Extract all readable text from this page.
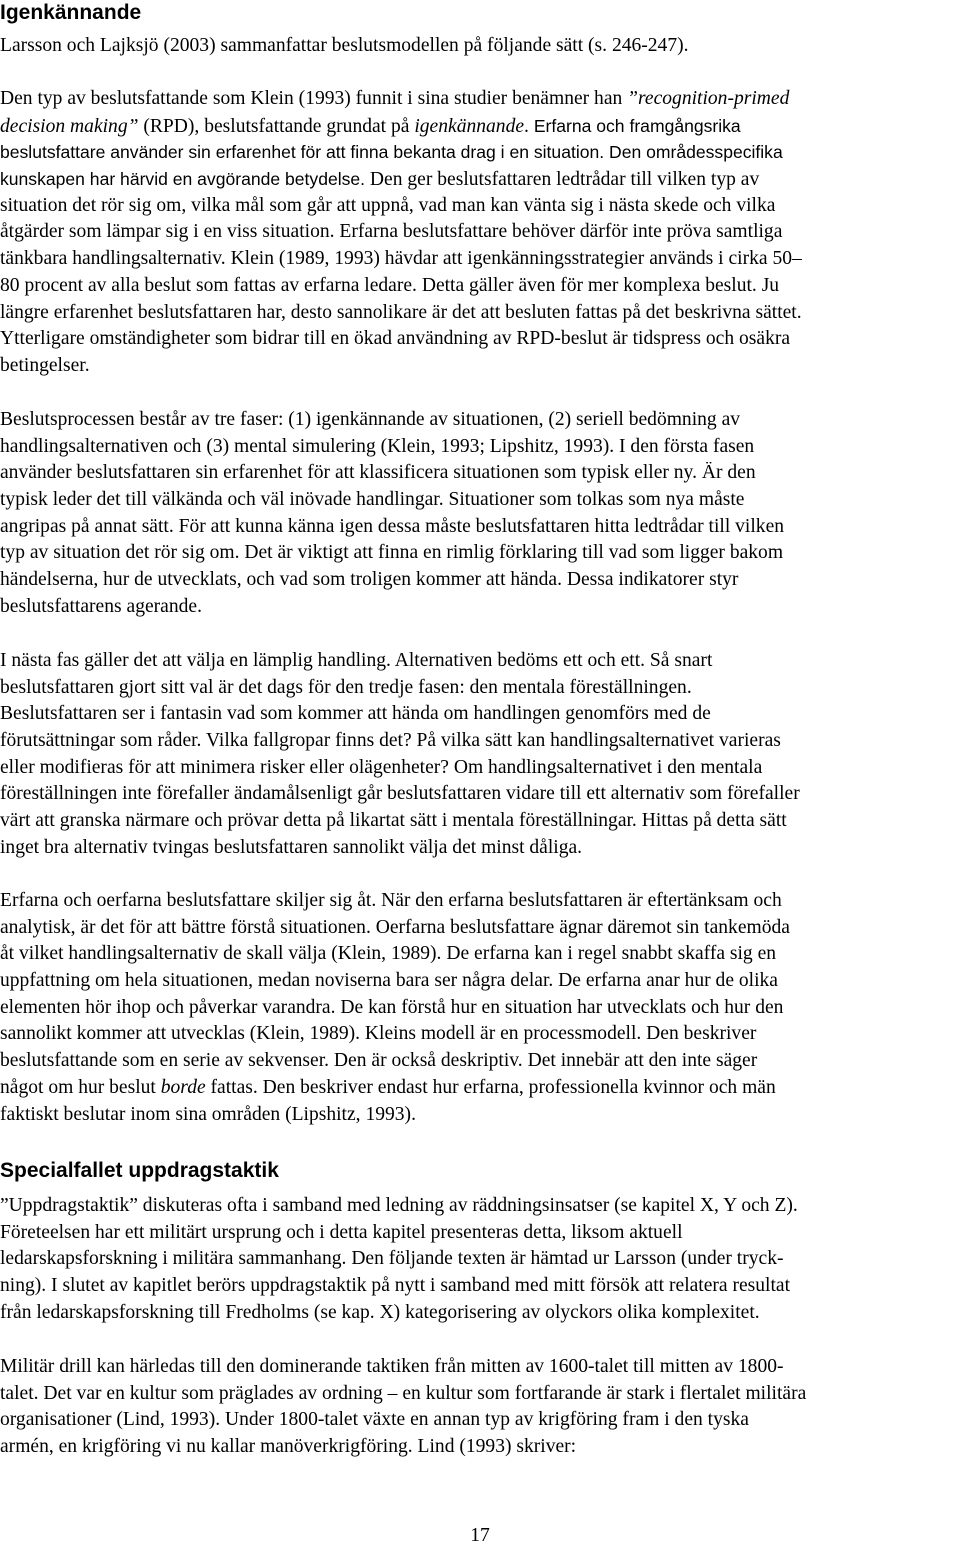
Igenkännande
Larsson och Lajksjö (2003) sammanfattar beslutsmodellen på följande sätt (s. 246-247).
Den typ av beslutsfattande som Klein (1993) funnit i sina studier benämner han ”recognition-primed
decision making” (RPD), beslutsfattande grundat på igenkännande. Erfarna och framgångsrika
beslutsfattare använder sin erfarenhet för att finna bekanta drag i en situation. Den områdesspecifika
kunskapen har härvid en avgörande betydelse. Den ger beslutsfattaren ledtrådar till vilken typ av
situation det rör sig om, vilka mål som går att uppnå, vad man kan vänta sig i nästa skede och vilka
åtgärder som lämpar sig i en viss situation. Erfarna beslutsfattare behöver därför inte pröva samtliga
tänkbara handlingsalternativ. Klein (1989, 1993) hävdar att igenkänningsstrategier används i cirka 50–
80 procent av alla beslut som fattas av erfarna ledare. Detta gäller även för mer komplexa beslut. Ju
längre erfarenhet beslutsfattaren har, desto sannolikare är det att besluten fattas på det beskrivna sättet.
Ytterligare omständigheter som bidrar till en ökad användning av RPD-beslut är tidspress och osäkra
betingelser.
Beslutsprocessen består av tre faser: (1) igenkännande av situationen, (2) seriell bedömning av
handlingsalternativen och (3) mental simulering (Klein, 1993; Lipshitz, 1993). I den första fasen
använder beslutsfattaren sin erfarenhet för att klassificera situationen som typisk eller ny. Är den
typisk leder det till välkända och väl inövade handlingar. Situationer som tolkas som nya måste
angripas på annat sätt. För att kunna känna igen dessa måste beslutsfattaren hitta ledtrådar till vilken
typ av situation det rör sig om. Det är viktigt att finna en rimlig förklaring till vad som ligger bakom
händelserna, hur de utvecklats, och vad som troligen kommer att hända. Dessa indikatorer styr
beslutsfattarens agerande.
I nästa fas gäller det att välja en lämplig handling. Alternativen bedöms ett och ett. Så snart
beslutsfattaren gjort sitt val är det dags för den tredje fasen: den mentala föreställningen.
Beslutsfattaren ser i fantasin vad som kommer att hända om handlingen genomförs med de
förutsättningar som råder. Vilka fallgropar finns det? På vilka sätt kan handlingsalternativet varieras
eller modifieras för att minimera risker eller olägenheter? Om handlingsalternativet i den mentala
föreställningen inte förefaller ändamålsenligt går beslutsfattaren vidare till ett alternativ som förefaller
värt att granska närmare och prövar detta på likartat sätt i mentala föreställningar. Hittas på detta sätt
inget bra alternativ tvingas beslutsfattaren sannolikt välja det minst dåliga.
Erfarna och oerfarna beslutsfattare skiljer sig åt. När den erfarna beslutsfattaren är eftertänksam och
analytisk, är det för att bättre förstå situationen. Oerfarna beslutsfattare ägnar däremot sin tankemöda
åt vilket handlingsalternativ de skall välja (Klein, 1989). De erfarna kan i regel snabbt skaffa sig en
uppfattning om hela situationen, medan noviserna bara ser några delar. De erfarna anar hur de olika
elementen hör ihop och påverkar varandra. De kan förstå hur en situation har utvecklats och hur den
sannolikt kommer att utvecklas (Klein, 1989). Kleins modell är en processmodell. Den beskriver
beslutsfattande som en serie av sekvenser. Den är också deskriptiv. Det innebär att den inte säger
något om hur beslut borde fattas. Den beskriver endast hur erfarna, professionella kvinnor och män
faktiskt beslutar inom sina områden (Lipshitz, 1993).
Specialfallet uppdragstaktik
”Uppdragstaktik” diskuteras ofta i samband med ledning av räddningsinsatser (se kapitel X, Y och Z).
Företeelsen har ett militärt ursprung och i detta kapitel presenteras detta, liksom aktuell
ledarskapsforskning i militära sammanhang. Den följande texten är hämtad ur Larsson (under tryck-
ning). I slutet av kapitlet berörs uppdragstaktik på nytt i samband med mitt försök att relatera resultat
från ledarskapsforskning till Fredholms (se kap. X) kategorisering av olyckors olika komplexitet.
Militär drill kan härledas till den dominerande taktiken från mitten av 1600-talet till mitten av 1800-
talet. Det var en kultur som präglades av ordning – en kultur som fortfarande är stark i flertalet militära
organisationer (Lind, 1993). Under 1800-talet växte en annan typ av krigföring fram i den tyska
armén, en krigföring vi nu kallar manöverkrigföring. Lind (1993) skriver:
17
